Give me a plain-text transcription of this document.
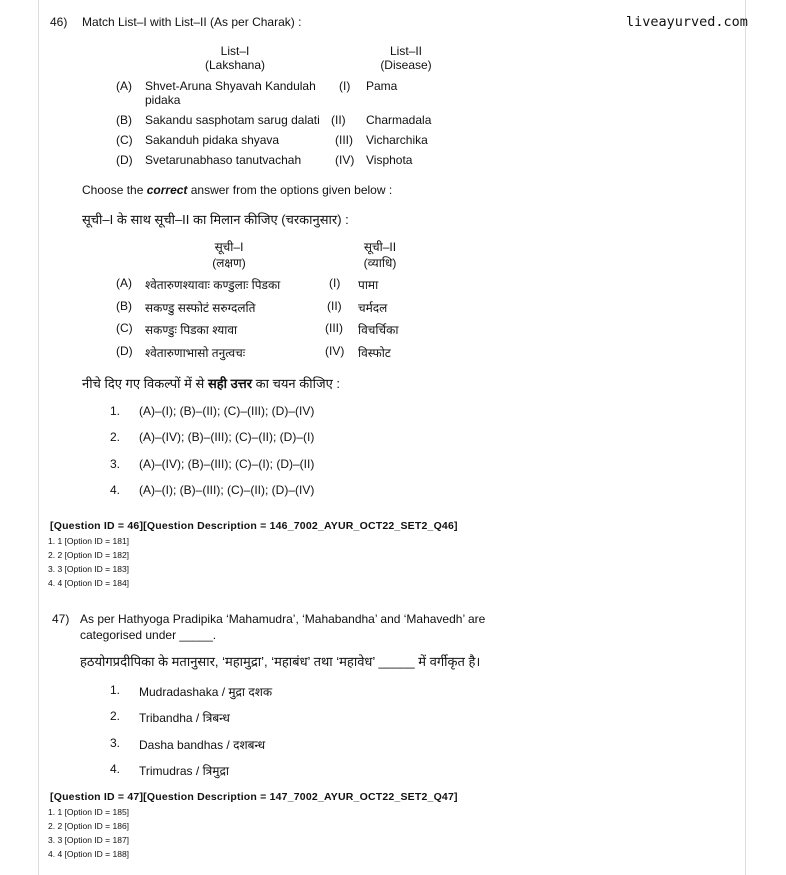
liveayurved.com
46) Match List–I with List–II (As per Charak) :
List–I
(Lakshana)
List–II
(Disease)
(A) Shvet-Aruna Shyavah Kandulah
pidaka
(I) Pama
(B) Sakandu sasphotam sarug dalati (II) Charmadala
(C) Sakanduh pidaka shyava	(III) Vicharchika
(D) Svetarunabhaso tanutvachah	(IV) Visphota
Choose the correct answer from the options given below :
सूची–I के साथ सूची–II का मिलान कीजिए (चरकानुसार) :
सूची–I
(लक्षण)
सूची–II
(व्याधि)
(A) श्वेतारुणश्यावाः कण्डुलाः पिडका	(I) पामा
(B) सकण्डु सस्फोटं सरुग्दलति	(II) चर्मदल
(C) सकण्डुः पिडका श्यावा	(III) विचर्चिका
(D) श्वेतारुणाभासो तनुत्वचः	(IV) विस्फोट
नीचे दिए गए विकल्पों में से सही उत्तर का चयन कीजिए :
1. (A)–(I); (B)–(II); (C)–(III); (D)–(IV)
2. (A)–(IV); (B)–(III); (C)–(II); (D)–(I)
3. (A)–(IV); (B)–(III); (C)–(I); (D)–(II)
4. (A)–(I); (B)–(III); (C)–(II); (D)–(IV)
[Question ID = 46][Question Description = 146_7002_AYUR_OCT22_SET2_Q46]
1. 1 [Option ID = 181]
2. 2 [Option ID = 182]
3. 3 [Option ID = 183]
4. 4 [Option ID = 184]
47) As per Hathyoga Pradipika ‘Mahamudra’, ‘Mahabandha’ and ‘Mahavedh’ are
categorised under _____.
हठयोगप्रदीपिका के मतानुसार, ‘महामुद्रा’, ‘महाबंध’ तथा ‘महावेध’ _____ में वर्गीकृत है।
1. Mudradashaka / मुद्रा दशक
2. Tribandha / त्रिबन्ध
3. Dasha bandhas / दशबन्ध
4. Trimudras / त्रिमुद्रा
[Question ID = 47][Question Description = 147_7002_AYUR_OCT22_SET2_Q47]
1. 1 [Option ID = 185]
2. 2 [Option ID = 186]
3. 3 [Option ID = 187]
4. 4 [Option ID = 188]
